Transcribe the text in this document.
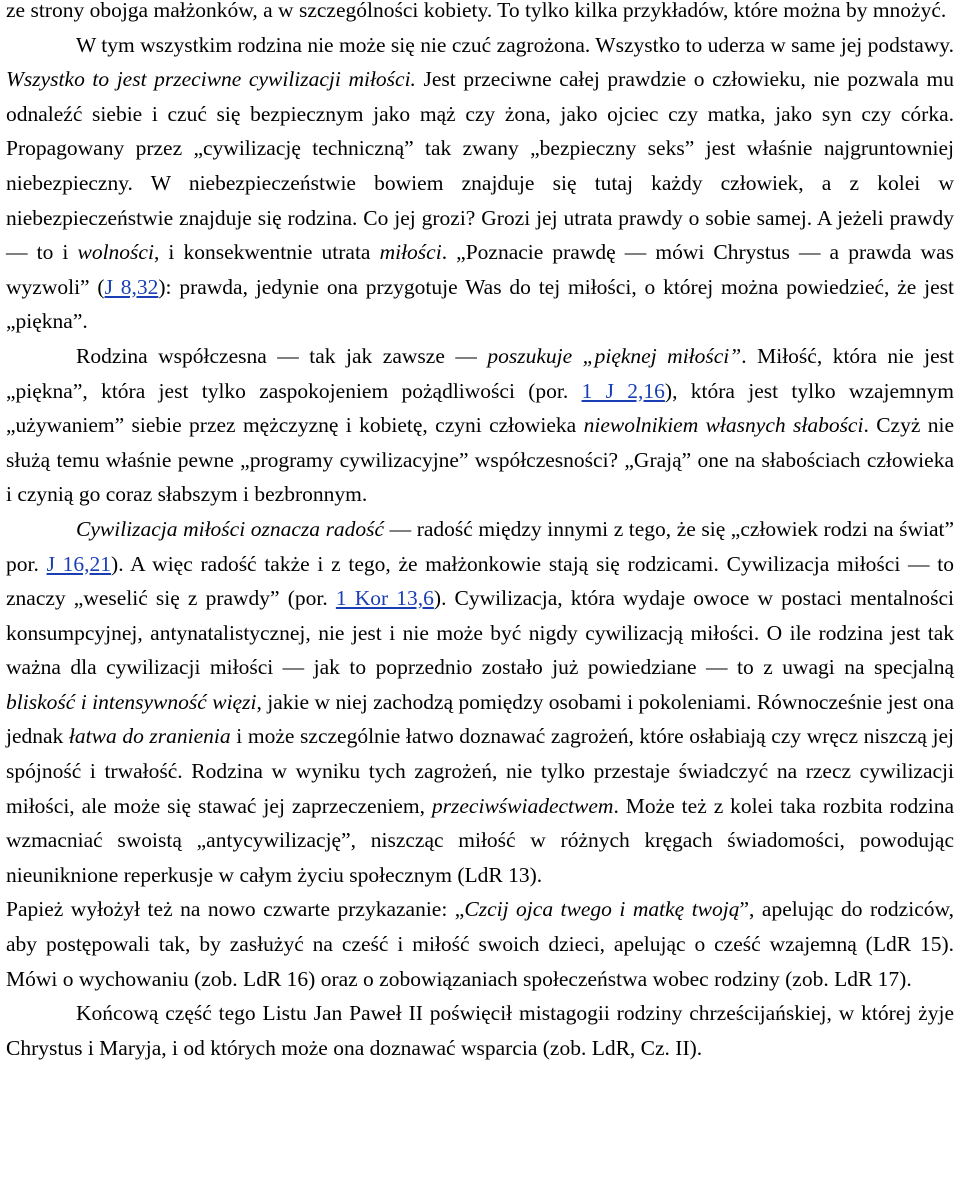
ze strony obojga małżonków, a w szczególności kobiety. To tylko kilka przykładów, które można by mnożyć.

W tym wszystkim rodzina nie może się nie czuć zagrożona. Wszystko to uderza w same jej podstawy. Wszystko to jest przeciwne cywilizacji miłości. Jest przeciwne całej prawdzie o człowieku, nie pozwala mu odnaleźć siebie i czuć się bezpiecznym jako mąż czy żona, jako ojciec czy matka, jako syn czy córka. Propagowany przez „cywilizację techniczną” tak zwany „bezpieczny seks” jest właśnie najgruntowniej niebezpieczny. W niebezpieczeństwie bowiem znajduje się tutaj każdy człowiek, a z kolei w niebezpieczeństwie znajduje się rodzina. Co jej grozi? Grozi jej utrata prawdy o sobie samej. A jeżeli prawdy — to i wolności, i konsekwentnie utrata miłości. „Poznacie prawdę — mówi Chrystus — a prawda was wyzwoli” (J 8,32): prawda, jedynie ona przygotuje Was do tej miłości, o której można powiedzieć, że jest „piękna”.

Rodzina współczesna — tak jak zawsze — poszukuje „pięknej miłości”. Miłość, która nie jest „piękna”, która jest tylko zaspokojeniem pożądliwości (por. 1 J 2,16), która jest tylko wzajemnym „używaniem” siebie przez mężczyznę i kobietę, czyni człowieka niewolnikiem własnych słabości. Czyż nie służą temu właśnie pewne „programy cywilizacyjne” współczesności? „Grają” one na słabościach człowieka i czynią go coraz słabszym i bezbronnym.

Cywilizacja miłości oznacza radość — radość między innymi z tego, że się „człowiek rodzi na świat” por. J 16,21). A więc radość także i z tego, że małżonkowie stają się rodzicami. Cywilizacja miłości — to znaczy „weselić się z prawdy” (por. 1 Kor 13,6). Cywilizacja, która wydaje owoce w postaci mentalności konsumpcyjnej, antynatalistycznej, nie jest i nie może być nigdy cywilizacją miłości. O ile rodzina jest tak ważna dla cywilizacji miłości — jak to poprzednio zostało już powiedziane — to z uwagi na specjalną bliskość i intensywność więzi, jakie w niej zachodzą pomiędzy osobami i pokoleniami. Równocześnie jest ona jednak łatwa do zranienia i może szczególnie łatwo doznawać zagrożeń, które osłabiają czy wręcz niszczą jej spójność i trwałość. Rodzina w wyniku tych zagrożeń, nie tylko przestaje świadczyć na rzecz cywilizacji miłości, ale może się stawać jej zaprzeczeniem, przeciwświadectwem. Może też z kolei taka rozbita rodzina wzmacniać swoistą „antycywilizację”, niszcząc miłość w różnych kręgach świadomości, powodując nieuniknione reperkusje w całym życiu społecznym (LdR 13).

Papież wyłożył też na nowo czwarte przykazanie: „Czcij ojca twego i matkę twoją”, apelując do rodziców, aby postępowali tak, by zasłużyć na cześć i miłość swoich dzieci, apelując o cześć wzajemną (LdR 15). Mówi o wychowaniu (zob. LdR 16) oraz o zobowiązaniach społeczeństwa wobec rodziny (zob. LdR 17).

Końcową część tego Listu Jan Paweł II poświęcił mistagogii rodziny chrześcijańskiej, w której żyje Chrystus i Maryja, i od których może ona doznawać wsparcia (zob. LdR, Cz. II).
